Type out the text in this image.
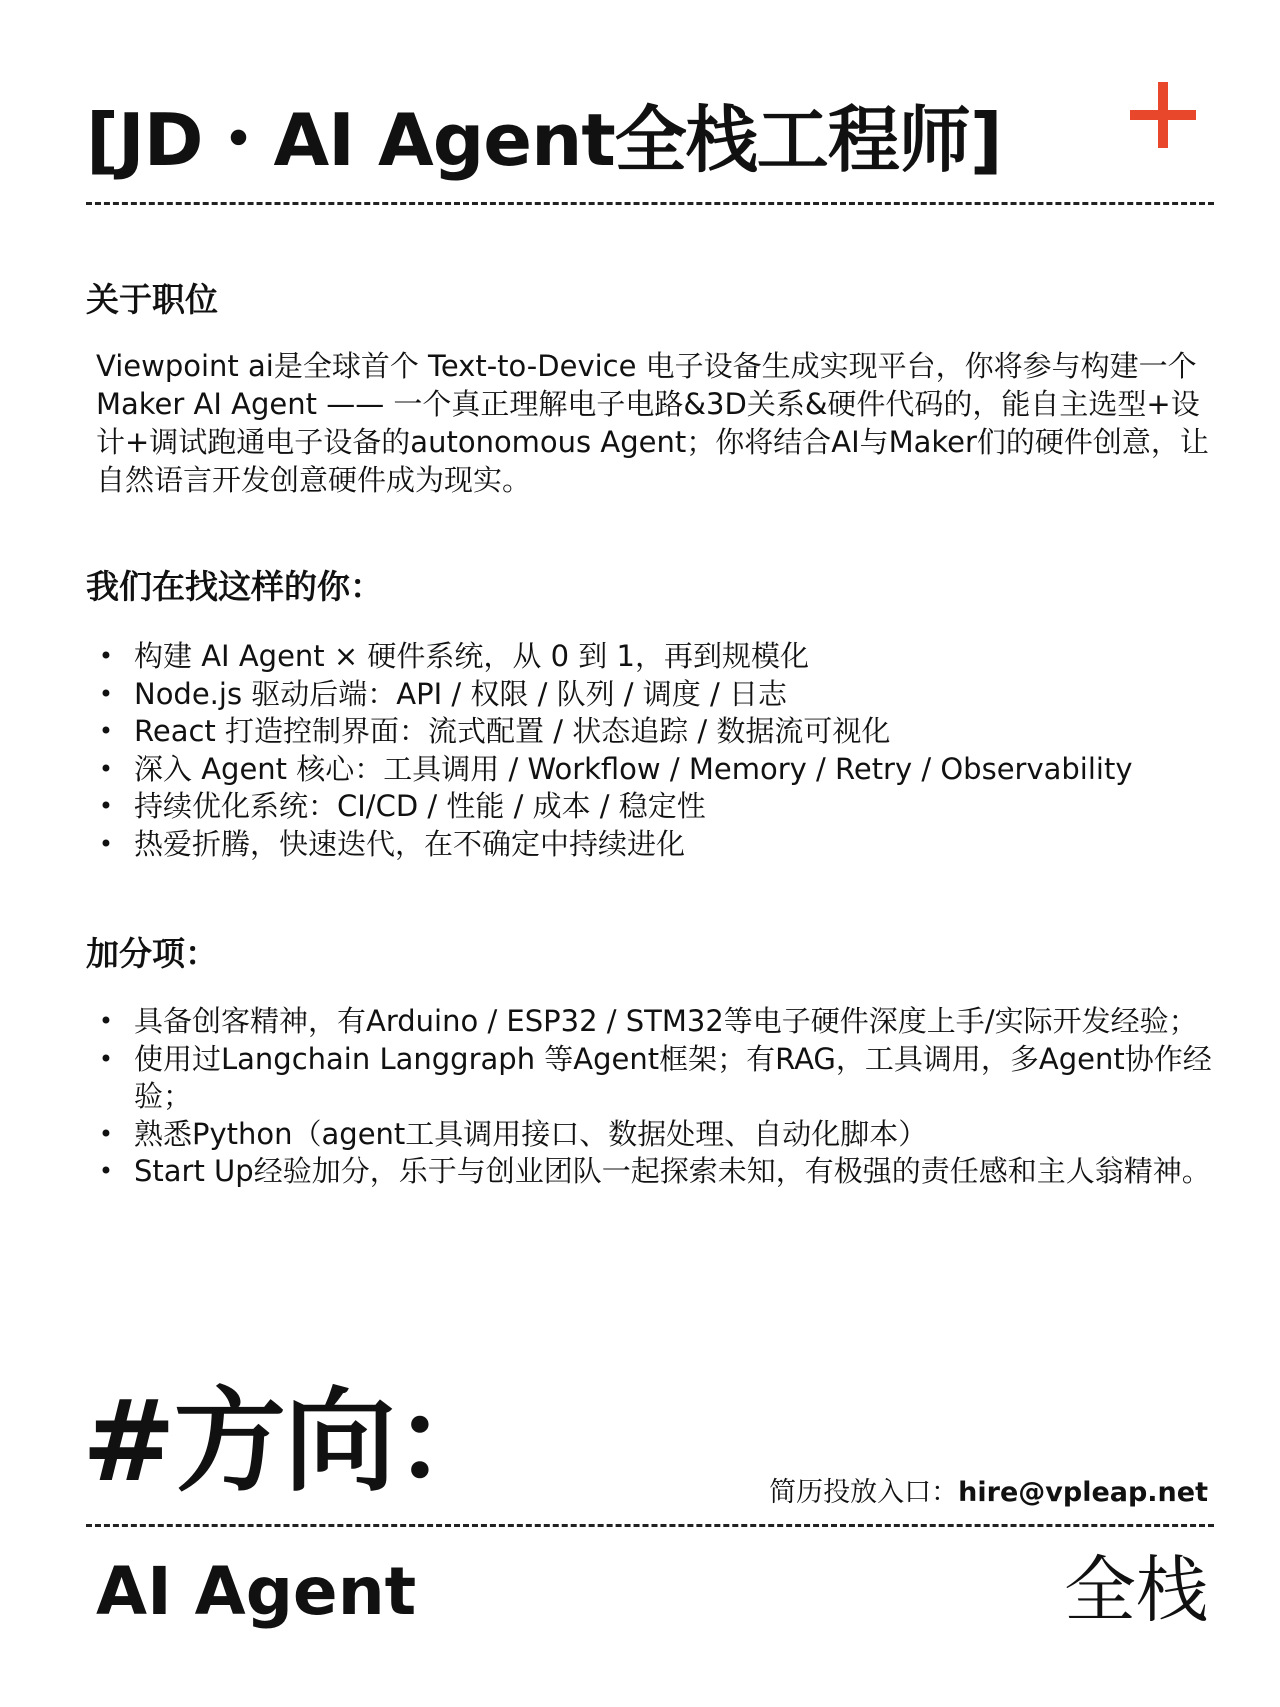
[JD・AI Agent全栈工程师]
关于职位

Viewpoint ai是全球首个 Text-to-Device 电子设备生成实现平台，你将参与构建一个Maker AI Agent —— 一个真正理解电子电路&3D关系&硬件代码的，能自主选型+设计+调试跑通电子设备的autonomous Agent；你将结合AI与Maker们的硬件创意，让自然语言开发创意硬件成为现实。

我们在找这样的你：
• 构建 AI Agent × 硬件系统，从 0 到 1，再到规模化
• Node.js 驱动后端：API / 权限 / 队列 / 调度 / 日志
• React 打造控制界面：流式配置 / 状态追踪 / 数据流可视化
• 深入 Agent 核心：工具调用 / Workflow / Memory / Retry / Observability
• 持续优化系统：CI/CD / 性能 / 成本 / 稳定性
• 热爱折腾，快速迭代，在不确定中持续进化
加分项：
• 具备创客精神，有Arduino / ESP32 / STM32等电子硬件深度上手/实际开发经验；
• 使用过Langchain Langgraph 等Agent框架；有RAG，工具调用，多Agent协作经验；
• 熟悉Python（agent工具调用接口、数据处理、自动化脚本）
• Start Up经验加分，乐于与创业团队一起探索未知，有极强的责任感和主人翁精神。
#方向：	简历投放入口：hire@vpleap.net
AI Agent	全栈
